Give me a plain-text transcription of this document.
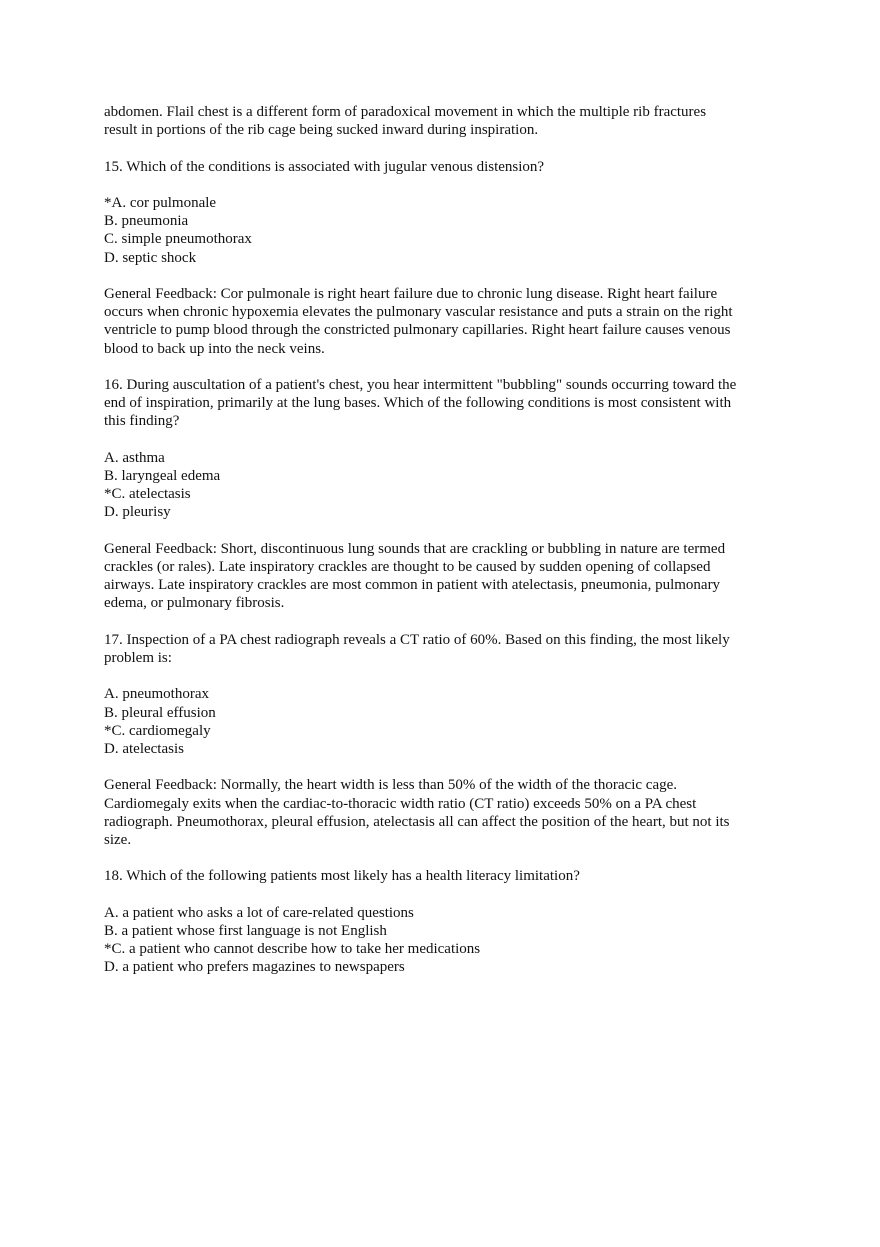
abdomen. Flail chest is a different form of paradoxical movement in which the multiple rib fractures
result in portions of the rib cage being sucked inward during inspiration.

15. Which of the conditions is associated with jugular venous distension?

*A. cor pulmonale
B. pneumonia
C. simple pneumothorax
D. septic shock

General Feedback: Cor pulmonale is right heart failure due to chronic lung disease. Right heart failure
occurs when chronic hypoxemia elevates the pulmonary vascular resistance and puts a strain on the right
ventricle to pump blood through the constricted pulmonary capillaries. Right heart failure causes venous
blood to back up into the neck veins.

16. During auscultation of a patient's chest, you hear intermittent "bubbling" sounds occurring toward the
end of inspiration, primarily at the lung bases. Which of the following conditions is most consistent with
this finding?

A. asthma
B. laryngeal edema
*C. atelectasis
D. pleurisy

General Feedback: Short, discontinuous lung sounds that are crackling or bubbling in nature are termed
crackles (or rales). Late inspiratory crackles are thought to be caused by sudden opening of collapsed
airways. Late inspiratory crackles are most common in patient with atelectasis, pneumonia, pulmonary
edema, or pulmonary fibrosis.

17. Inspection of a PA chest radiograph reveals a CT ratio of 60%. Based on this finding, the most likely
problem is:

A. pneumothorax
B. pleural effusion
*C. cardiomegaly
D. atelectasis

General Feedback: Normally, the heart width is less than 50% of the width of the thoracic cage.
Cardiomegaly exits when the cardiac-to-thoracic width ratio (CT ratio) exceeds 50% on a PA chest
radiograph. Pneumothorax, pleural effusion, atelectasis all can affect the position of the heart, but not its
size.

18. Which of the following patients most likely has a health literacy limitation?

A. a patient who asks a lot of care-related questions
B. a patient whose first language is not English
*C. a patient who cannot describe how to take her medications
D. a patient who prefers magazines to newspapers
